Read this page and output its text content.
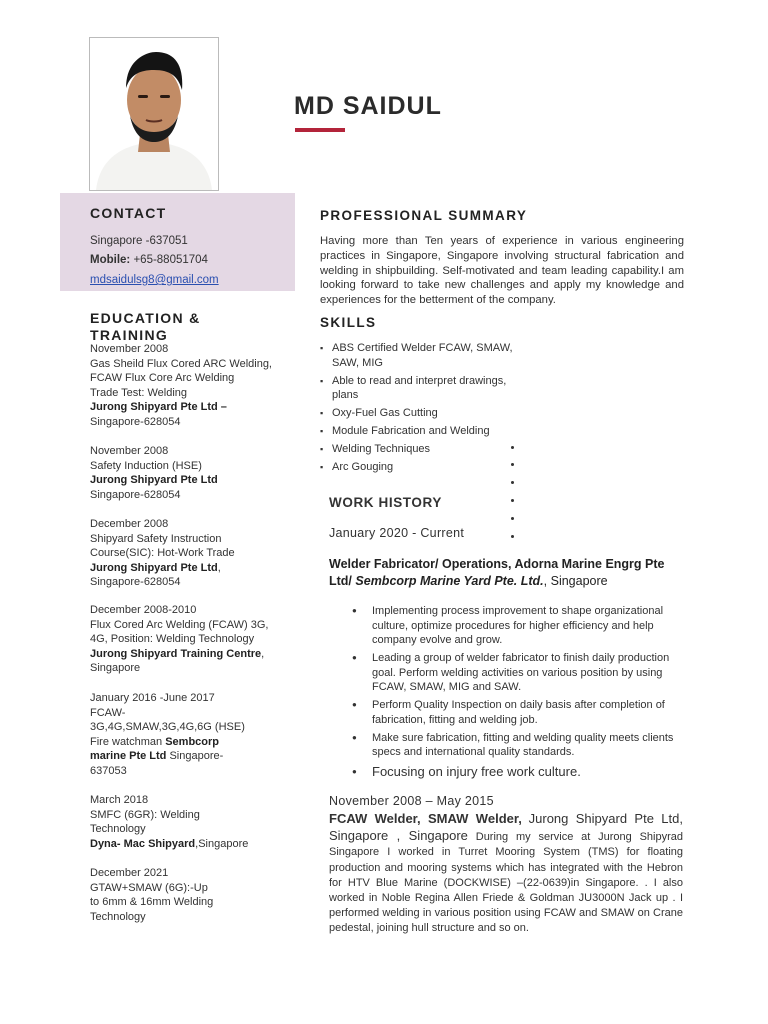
MD SAIDUL
CONTACT
Singapore -637051
Mobile: +65-88051704
mdsaidulsg8@gmail.com
EDUCATION &
TRAINING
November 2008
Gas Sheild Flux Cored ARC Welding,
FCAW Flux Core Arc Welding
Trade Test: Welding
Jurong Shipyard Pte Ltd –
Singapore-628054
November 2008
Safety Induction (HSE)
Jurong Shipyard Pte Ltd
Singapore-628054
December 2008
Shipyard Safety Instruction
Course(SIC): Hot-Work Trade
Jurong Shipyard Pte Ltd,
Singapore-628054
December 2008-2010
Flux Cored Arc Welding (FCAW) 3G,
4G, Position: Welding Technology
Jurong Shipyard Training Centre,
Singapore
January 2016 -June 2017
FCAW-
3G,4G,SMAW,3G,4G,6G (HSE)
Fire watchman Sembcorp
marine Pte Ltd Singapore-
637053
March 2018
SMFC (6GR): Welding
Technology
Dyna- Mac Shipyard,Singapore
December 2021
GTAW+SMAW (6G):-Up
to 6mm & 16mm Welding
Technology
PROFESSIONAL SUMMARY
Having more than Ten years of experience in various engineering practices in Singapore, Singapore involving structural fabrication and welding in shipbuilding. Self-motivated and team leading capability.I am looking forward to take new challenges and apply my knowledge and experiences for the betterment of the company.
SKILLS
▪ ABS Certified Welder FCAW, SMAW, SAW, MIG
▪ Able to read and interpret drawings, plans
▪ Oxy-Fuel Gas Cutting
▪ Module Fabrication and Welding
▪ Welding Techniques
▪ Arc Gouging
WORK HISTORY
January 2020 - Current
Welder Fabricator/ Operations, Adorna Marine Engrg Pte Ltd/ Sembcorp Marine Yard Pte. Ltd., Singapore
● Implementing process improvement to shape organizational culture, optimize procedures for higher efficiency and help company evolve and grow.
● Leading a group of welder fabricator to finish daily production goal. Perform welding activities on various position by using FCAW, SMAW, MIG and SAW.
● Perform Quality Inspection on daily basis after completion of fabrication, fitting and welding job.
● Make sure fabrication, fitting and welding quality meets clients specs and international quality standards.
● Focusing on injury free work culture.
November 2008 – May 2015
FCAW Welder, SMAW Welder, Jurong Shipyard Pte Ltd, Singapore , Singapore During my service at Jurong Shipyrad Singapore I worked in Turret Mooring System (TMS) for floating production and mooring systems which has integrated with the Hebron for HTV Blue Marine (DOCKWISE) –(22-0639)in Singapore. . I also worked in Noble Regina Allen Friede & Goldman JU3000N Jack up . I performed welding in various position using FCAW and SMAW on Crane pedestal, joining hull structure and so on.
